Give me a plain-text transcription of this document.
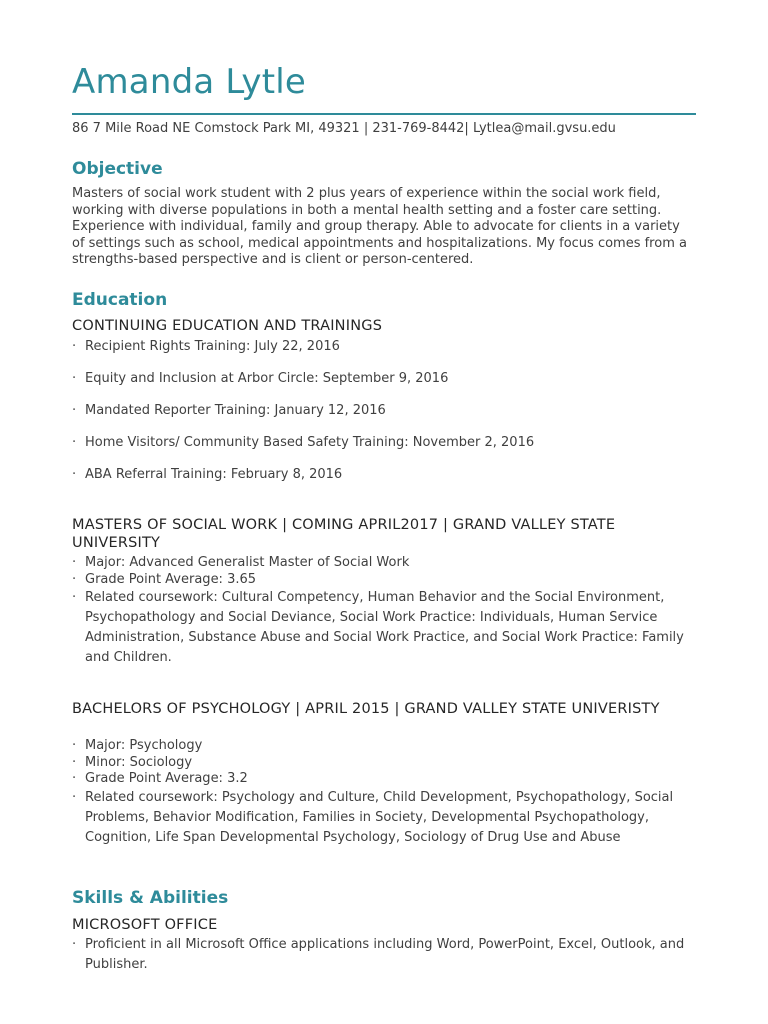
Amanda Lytle
86 7 Mile Road NE Comstock Park MI, 49321 | 231-769-8442| Lytlea@mail.gvsu.edu
Objective
Masters of social work student with 2 plus years of experience within the social work field, working with diverse populations in both a mental health setting and a foster care setting. Experience with individual, family and group therapy. Able to advocate for clients in a variety of settings such as school, medical appointments and hospitalizations. My focus comes from a strengths-based perspective and is client or person-centered.
Education
CONTINUING EDUCATION AND TRAININGS
· Recipient Rights Training: July 22, 2016
· Equity and Inclusion at Arbor Circle: September 9, 2016
· Mandated Reporter Training: January 12, 2016
· Home Visitors/ Community Based Safety Training: November 2, 2016
· ABA Referral Training: February 8, 2016
MASTERS OF SOCIAL WORK | COMING APRIL2017 | GRAND VALLEY STATE UNIVERSITY
· Major: Advanced Generalist Master of Social Work
· Grade Point Average: 3.65
· Related coursework: Cultural Competency, Human Behavior and the Social Environment, Psychopathology and Social Deviance, Social Work Practice: Individuals, Human Service Administration, Substance Abuse and Social Work Practice, and Social Work Practice: Family and Children.
BACHELORS OF PSYCHOLOGY | APRIL 2015 | GRAND VALLEY STATE UNIVERISTY
· Major: Psychology
· Minor: Sociology
· Grade Point Average: 3.2
· Related coursework: Psychology and Culture, Child Development, Psychopathology, Social Problems, Behavior Modification, Families in Society, Developmental Psychopathology, Cognition, Life Span Developmental Psychology, Sociology of Drug Use and Abuse
Skills & Abilities
MICROSOFT OFFICE
· Proficient in all Microsoft Office applications including Word, PowerPoint, Excel, Outlook, and Publisher.
